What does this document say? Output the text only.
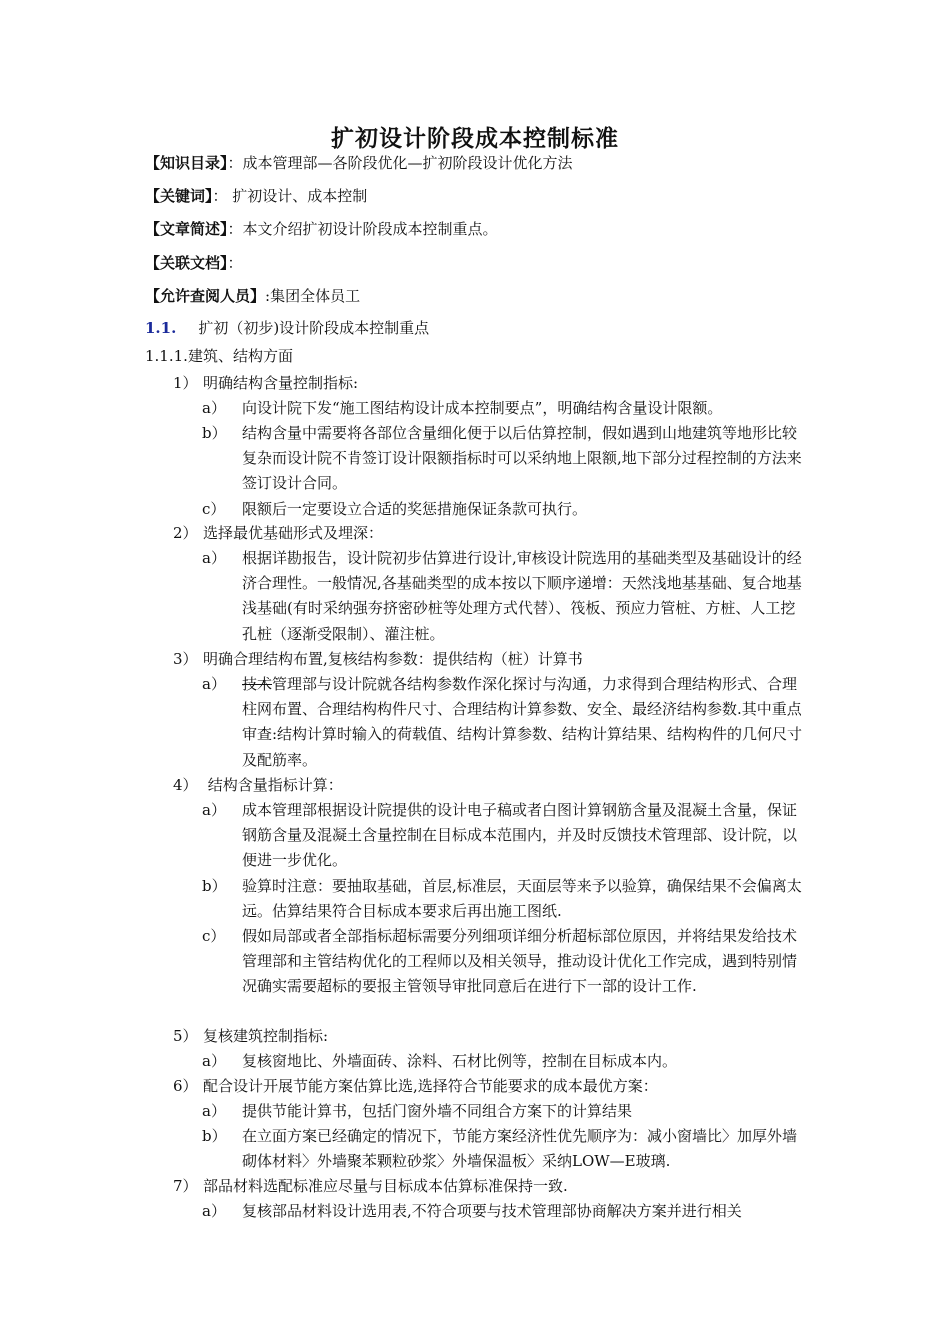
扩初设计阶段成本控制标准
【知识目录】：成本管理部—各阶段优化—扩初阶段设计优化方法
【关键词】： 扩初设计、成本控制
【文章简述】：本文介绍扩初设计阶段成本控制重点。
【关联文档】：
【允许查阅人员】:集团全体员工
1.1. 扩初（初步)设计阶段成本控制重点
1.1.1.建筑、结构方面
1） 明确结构含量控制指标:
a）	向设计院下发“施工图结构设计成本控制要点”，明确结构含量设计限额。
b）	结构含量中需要将各部位含量细化便于以后估算控制，假如遇到山地建筑等地形比较复杂而设计院不肯签订设计限额指标时可以采纳地上限额,地下部分过程控制的方法来签订设计合同。
c）	限额后一定要设立合适的奖惩措施保证条款可执行。
2） 选择最优基础形式及埋深：
a）	根据详勘报告，设计院初步估算进行设计,审核设计院选用的基础类型及基础设计的经济合理性。一般情况,各基础类型的成本按以下顺序递增：天然浅地基基础、复合地基浅基础(有时采纳强夯挤密砂桩等处理方式代替）、筏板、预应力管桩、方桩、人工挖孔桩（逐渐受限制）、灌注桩。
3） 明确合理结构布置,复核结构参数：提供结构（桩）计算书
a）	技术管理部与设计院就各结构参数作深化探讨与沟通，力求得到合理结构形式、合理柱网布置、合理结构构件尺寸、合理结构计算参数、安全、最经济结构参数.其中重点审查:结构计算时输入的荷载值、结构计算参数、结构计算结果、结构构件的几何尺寸及配筋率。
4） 结构含量指标计算：
a）	成本管理部根据设计院提供的设计电子稿或者白图计算钢筋含量及混凝土含量，保证钢筋含量及混凝土含量控制在目标成本范围内，并及时反馈技术管理部、设计院，以便进一步优化。
b）	验算时注意：要抽取基础，首层,标准层，天面层等来予以验算，确保结果不会偏离太远。估算结果符合目标成本要求后再出施工图纸.
c）	假如局部或者全部指标超标需要分列细项详细分析超标部位原因，并将结果发给技术管理部和主管结构优化的工程师以及相关领导，推动设计优化工作完成，遇到特别情况确实需要超标的要报主管领导审批同意后在进行下一部的设计工作.
5） 复核建筑控制指标:
a）	复核窗地比、外墙面砖、涂料、石材比例等，控制在目标成本内。
6） 配合设计开展节能方案估算比选,选择符合节能要求的成本最优方案：
a）	提供节能计算书，包括门窗外墙不同组合方案下的计算结果
b）	在立面方案已经确定的情况下，节能方案经济性优先顺序为：减小窗墙比〉加厚外墙砌体材料〉外墙聚苯颗粒砂浆〉外墙保温板〉采纳LOW—E玻璃.
7） 部品材料选配标准应尽量与目标成本估算标准保持一致.
a）	复核部品材料设计选用表,不符合项要与技术管理部协商解决方案并进行相关
